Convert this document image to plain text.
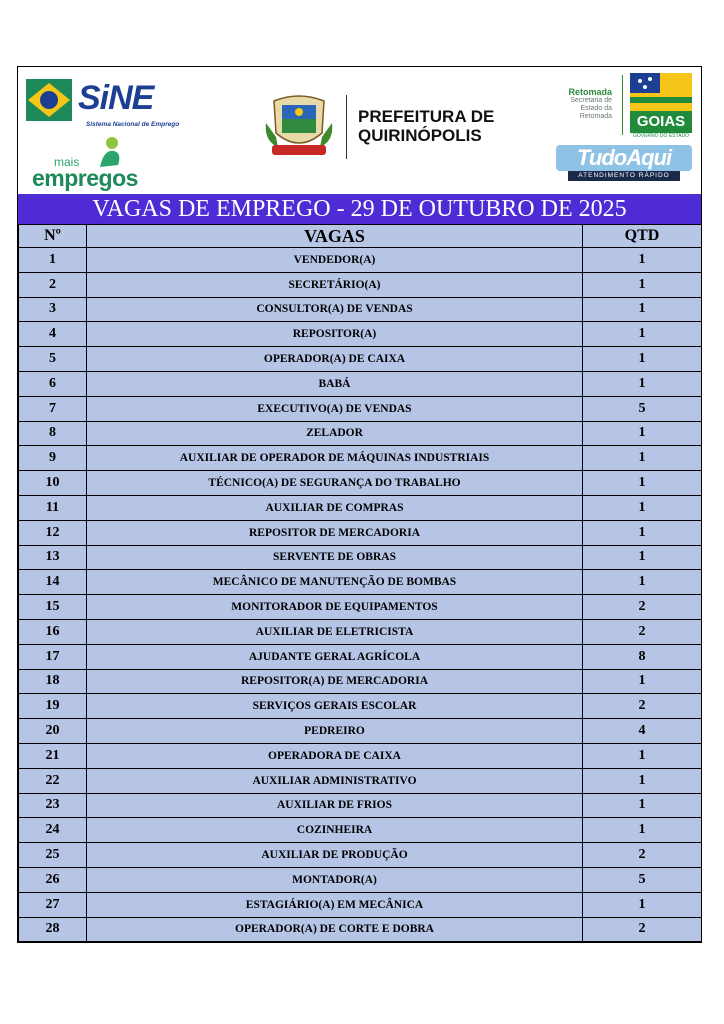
SiNE
Sistema Nacional de Emprego
mais
empregos
PREFEITURA DE
QUIRINÓPOLIS
Retomada
Secretaria de
Estado da
Retomada	GOIAS
GOVERNO DO ESTADO
TudoAqui
ATENDIMENTO RÁPIDO
VAGAS DE EMPREGO - 29 DE OUTUBRO DE 2025
Nº	VAGAS	QTD
1	VENDEDOR(A)	1
2	SECRETÁRIO(A)	1
3	CONSULTOR(A) DE VENDAS	1
4	REPOSITOR(A)	1
5	OPERADOR(A) DE CAIXA	1
6	BABÁ	1
7	EXECUTIVO(A) DE VENDAS	5
8	ZELADOR	1
9	AUXILIAR DE OPERADOR DE MÁQUINAS INDUSTRIAIS	1
10	TÉCNICO(A) DE SEGURANÇA DO TRABALHO	1
11	AUXILIAR DE COMPRAS	1
12	REPOSITOR DE MERCADORIA	1
13	SERVENTE DE OBRAS	1
14	MECÂNICO DE MANUTENÇÃO DE BOMBAS	1
15	MONITORADOR DE EQUIPAMENTOS	2
16	AUXILIAR DE ELETRICISTA	2
17	AJUDANTE GERAL AGRÍCOLA	8
18	REPOSITOR(A) DE MERCADORIA	1
19	SERVIÇOS GERAIS ESCOLAR	2
20	PEDREIRO	4
21	OPERADORA DE CAIXA	1
22	AUXILIAR ADMINISTRATIVO	1
23	AUXILIAR DE FRIOS	1
24	COZINHEIRA	1
25	AUXILIAR DE PRODUÇÃO	2
26	MONTADOR(A)	5
27	ESTAGIÁRIO(A) EM MECÂNICA	1
28	OPERADOR(A) DE CORTE E DOBRA	2
